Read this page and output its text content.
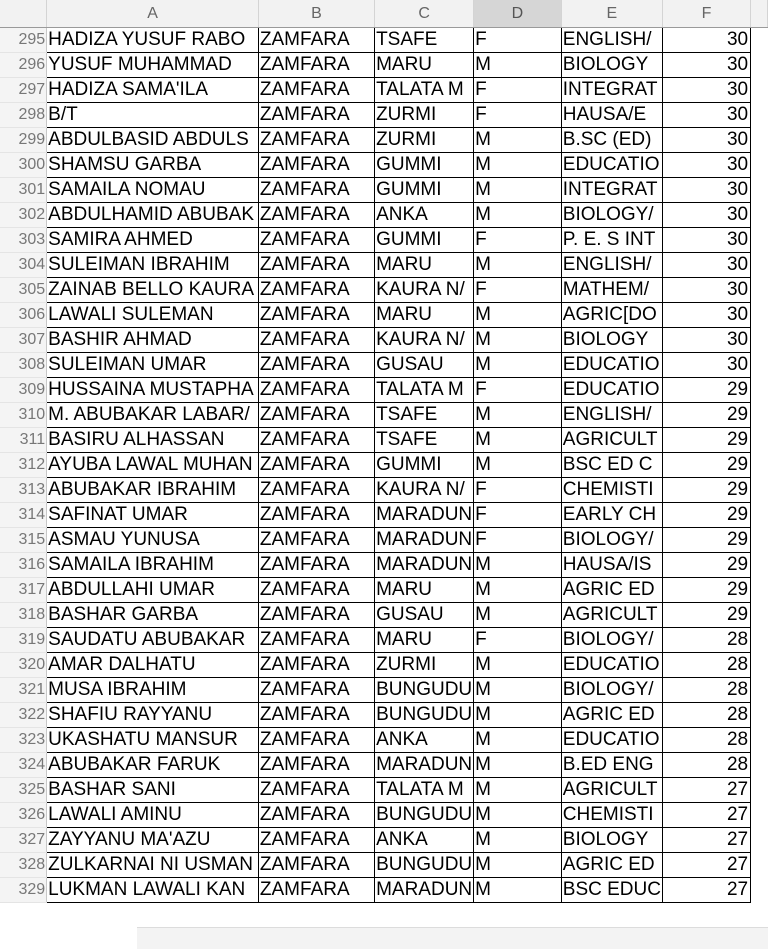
	A	B	C	D	E	F	
295	HADIZA YUSUF RABO	ZAMFARA	TSAFE	F	ENGLISH/	30	
296	YUSUF MUHAMMAD	ZAMFARA	MARU	M	BIOLOGY	30	
297	HADIZA SAMA'ILA	ZAMFARA	TALATA M	F	INTEGRAT	30	
298	B/T	ZAMFARA	ZURMI	F	HAUSA/E	30	
299	ABDULBASID ABDULS	ZAMFARA	ZURMI	M	B.SC (ED)	30	
300	SHAMSU GARBA	ZAMFARA	GUMMI	M	EDUCATIO	30	
301	SAMAILA NOMAU	ZAMFARA	GUMMI	M	INTEGRAT	30	
302	ABDULHAMID ABUBAK	ZAMFARA	ANKA	M	BIOLOGY/	30	
303	SAMIRA AHMED	ZAMFARA	GUMMI	F	P. E. S INT	30	
304	SULEIMAN IBRAHIM	ZAMFARA	MARU	M	ENGLISH/	30	
305	ZAINAB BELLO KAURA	ZAMFARA	KAURA N/	F	MATHEM/	30	
306	LAWALI SULEMAN	ZAMFARA	MARU	M	AGRIC[DO	30	
307	BASHIR AHMAD	ZAMFARA	KAURA N/	M	BIOLOGY	30	
308	SULEIMAN UMAR	ZAMFARA	GUSAU	M	EDUCATIO	30	
309	HUSSAINA MUSTAPHA	ZAMFARA	TALATA M	F	EDUCATIO	29	
310	M. ABUBAKAR LABAR/	ZAMFARA	TSAFE	M	ENGLISH/	29	
311	BASIRU ALHASSAN	ZAMFARA	TSAFE	M	AGRICULT	29	
312	AYUBA LAWAL MUHAN	ZAMFARA	GUMMI	M	BSC ED C	29	
313	ABUBAKAR IBRAHIM	ZAMFARA	KAURA N/	F	CHEMISTI	29	
314	SAFINAT UMAR	ZAMFARA	MARADUN	F	EARLY CH	29	
315	ASMAU YUNUSA	ZAMFARA	MARADUN	F	BIOLOGY/	29	
316	SAMAILA IBRAHIM	ZAMFARA	MARADUN	M	HAUSA/IS	29	
317	ABDULLAHI UMAR	ZAMFARA	MARU	M	AGRIC ED	29	
318	BASHAR GARBA	ZAMFARA	GUSAU	M	AGRICULT	29	
319	SAUDATU ABUBAKAR	ZAMFARA	MARU	F	BIOLOGY/	28	
320	AMAR DALHATU	ZAMFARA	ZURMI	M	EDUCATIO	28	
321	MUSA IBRAHIM	ZAMFARA	BUNGUDU	M	BIOLOGY/	28	
322	SHAFIU RAYYANU	ZAMFARA	BUNGUDU	M	AGRIC ED	28	
323	UKASHATU MANSUR	ZAMFARA	ANKA	M	EDUCATIO	28	
324	ABUBAKAR FARUK	ZAMFARA	MARADUN	M	B.ED ENG	28	
325	BASHAR SANI	ZAMFARA	TALATA M	M	AGRICULT	27	
326	LAWALI AMINU	ZAMFARA	BUNGUDU	M	CHEMISTI	27	
327	ZAYYANU MA'AZU	ZAMFARA	ANKA	M	BIOLOGY	27	
328	ZULKARNAI NI USMAN	ZAMFARA	BUNGUDU	M	AGRIC ED	27	
329	LUKMAN LAWALI KAN	ZAMFARA	MARADUN	M	BSC EDUC	27	
